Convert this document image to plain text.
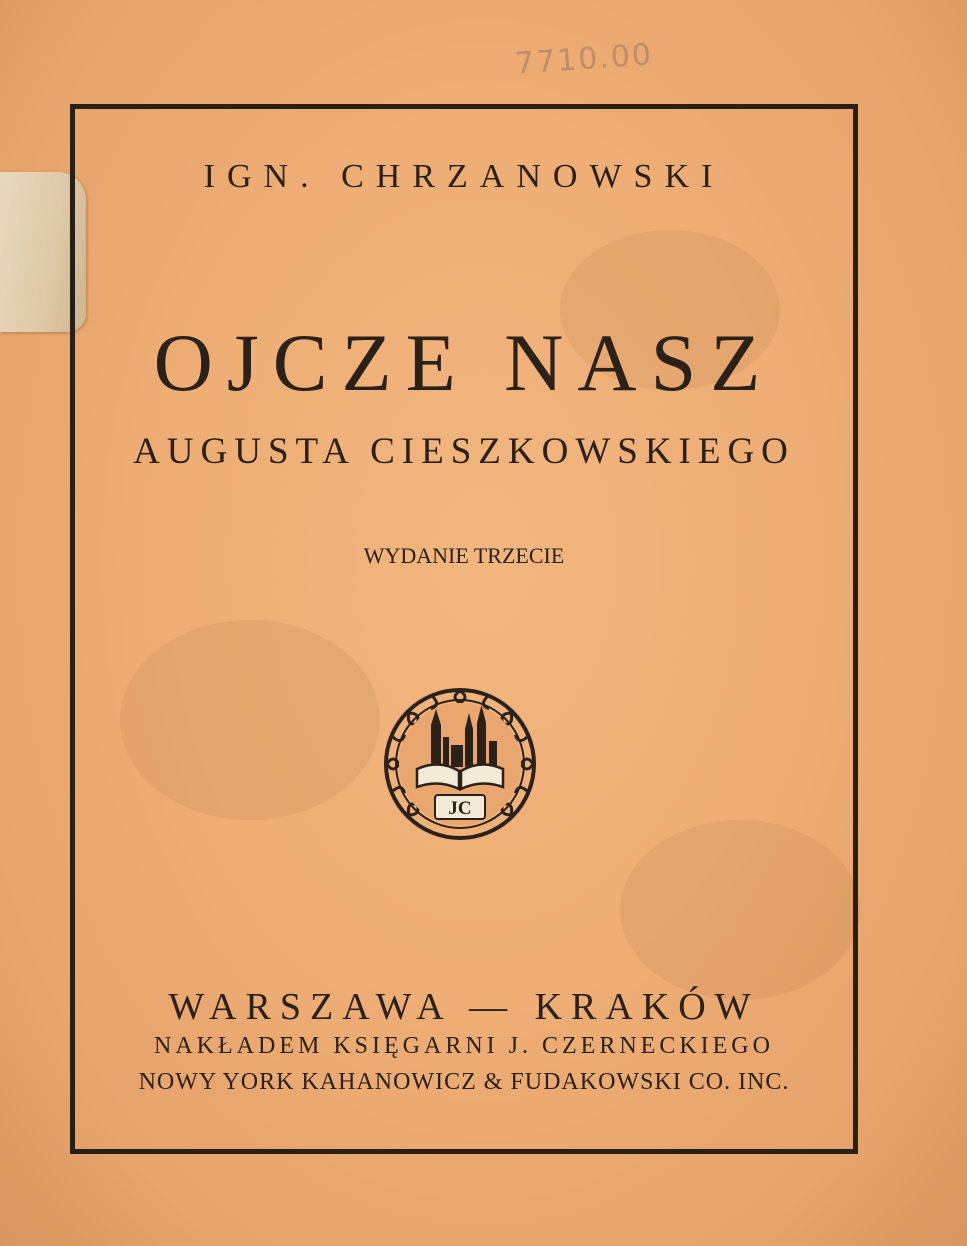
7710.00
IGN. CHRZANOWSKI
OJCZE NASZ
AUGUSTA CIESZKOWSKIEGO
WYDANIE TRZECIE
WARSZAWA — KRAKÓW
NAKŁADEM KSIĘGARNI J. CZERNECKIEGO
NOWY YORK KAHANOWICZ & FUDAKOWSKI CO. INC.
JC
